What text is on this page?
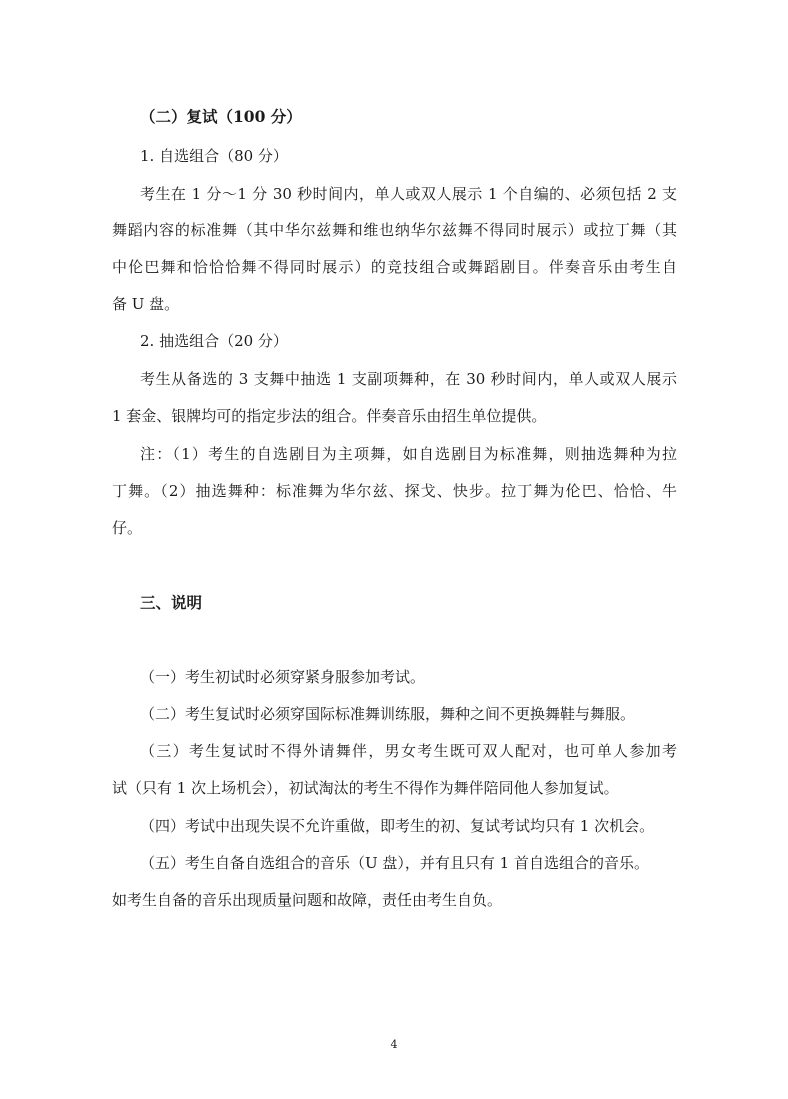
（二）复试（100 分）

1. 自选组合（80 分）

考生在 1 分～1 分 30 秒时间内，单人或双人展示 1 个自编的、必须包括 2 支

舞蹈内容的标准舞（其中华尔兹舞和维也纳华尔兹舞不得同时展示）或拉丁舞（其

中伦巴舞和恰恰恰舞不得同时展示）的竞技组合或舞蹈剧目。伴奏音乐由考生自

备 U 盘。

2. 抽选组合（20 分）

考生从备选的 3 支舞中抽选 1 支副项舞种，在 30 秒时间内，单人或双人展示

1 套金、银牌均可的指定步法的组合。伴奏音乐由招生单位提供。

注：（1）考生的自选剧目为主项舞，如自选剧目为标准舞，则抽选舞种为拉

丁舞。（2）抽选舞种：标准舞为华尔兹、探戈、快步。拉丁舞为伦巴、恰恰、牛

仔。

三、说明

（一）考生初试时必须穿紧身服参加考试。

（二）考生复试时必须穿国际标准舞训练服，舞种之间不更换舞鞋与舞服。

（三）考生复试时不得外请舞伴，男女考生既可双人配对，也可单人参加考

试（只有 1 次上场机会），初试淘汰的考生不得作为舞伴陪同他人参加复试。

（四）考试中出现失误不允许重做，即考生的初、复试考试均只有 1 次机会。

（五）考生自备自选组合的音乐（U 盘），并有且只有 1 首自选组合的音乐。

如考生自备的音乐出现质量问题和故障，责任由考生自负。

4
